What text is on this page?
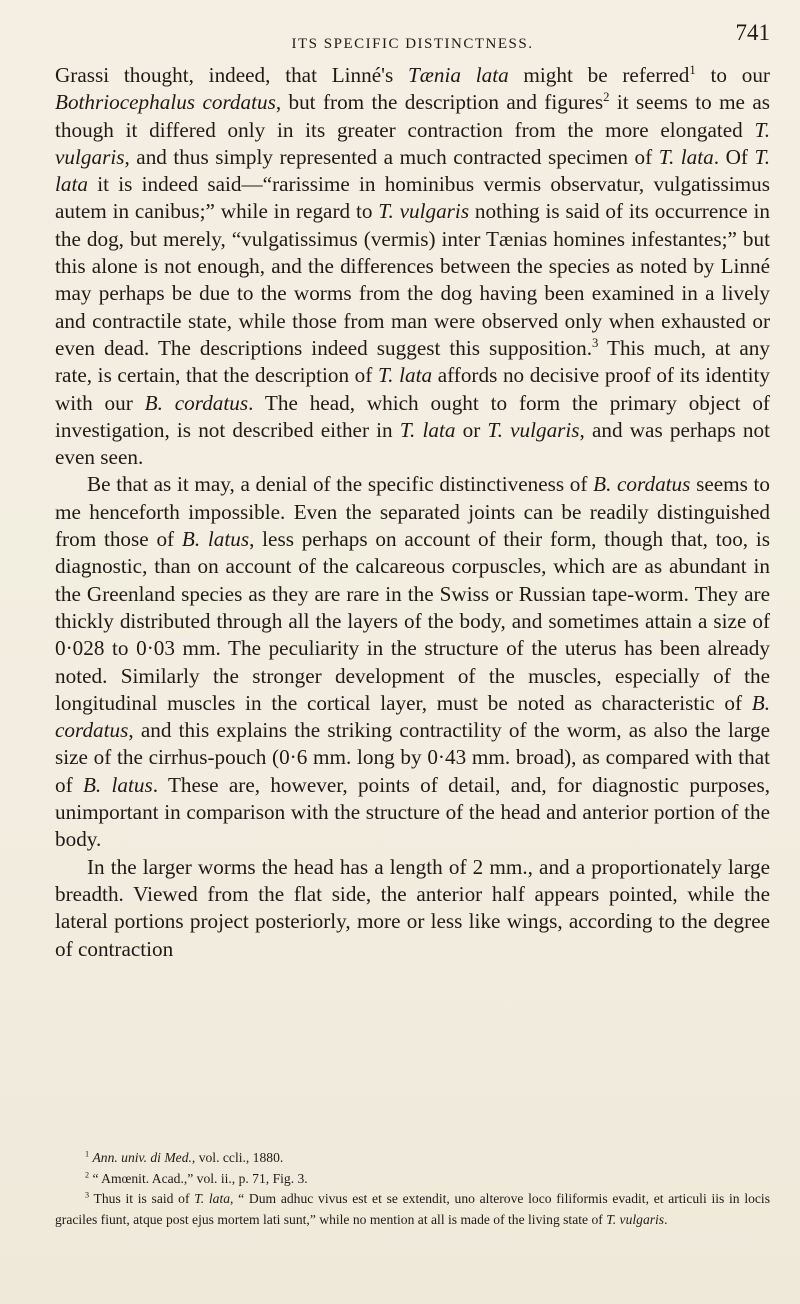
ITS SPECIFIC DISTINCTNESS.	741

Grassi thought, indeed, that Linné's Tænia lata might be referred$^1$ to our Bothriocephalus cordatus, but from the description and figures$^2$ it seems to me as though it differed only in its greater contraction from the more elongated T. vulgaris, and thus simply represented a much contracted specimen of T. lata. Of T. lata it is indeed said—“rarissime in hominibus vermis observatur, vulgatissimus autem in canibus;” while in regard to T. vulgaris nothing is said of its occurrence in the dog, but merely, “vulgatissimus (vermis) inter Tænias homines infestantes;” but this alone is not enough, and the differences between the species as noted by Linné may perhaps be due to the worms from the dog having been examined in a lively and contractile state, while those from man were observed only when exhausted or even dead. The descriptions indeed suggest this supposition.$^3$ This much, at any rate, is certain, that the description of T. lata affords no decisive proof of its identity with our B. cordatus. The head, which ought to form the primary object of investigation, is not described either in T. lata or T. vulgaris, and was perhaps not even seen.

Be that as it may, a denial of the specific distinctiveness of B. cordatus seems to me henceforth impossible. Even the separated joints can be readily distinguished from those of B. latus, less perhaps on account of their form, though that, too, is diagnostic, than on account of the calcareous corpuscles, which are as abundant in the Greenland species as they are rare in the Swiss or Russian tape-worm. They are thickly distributed through all the layers of the body, and sometimes attain a size of 0·028 to 0·03 mm. The peculiarity in the structure of the uterus has been already noted. Similarly the stronger development of the muscles, especially of the longitudinal muscles in the cortical layer, must be noted as characteristic of B. cordatus, and this explains the striking contractility of the worm, as also the large size of the cirrhus-pouch (0·6 mm. long by 0·43 mm. broad), as compared with that of B. latus. These are, however, points of detail, and, for diagnostic purposes, unimportant in comparison with the structure of the head and anterior portion of the body.

In the larger worms the head has a length of 2 mm., and a proportionately large breadth. Viewed from the flat side, the anterior half appears pointed, while the lateral portions project posteriorly, more or less like wings, according to the degree of contraction

$^1$ Ann. univ. di Med., vol. ccli., 1880.

$^2$ “ Amœnit. Acad.,” vol. ii., p. 71, Fig. 3.

$^3$ Thus it is said of T. lata, “ Dum adhuc vivus est et se extendit, uno alterove loco filiformis evadit, et articuli iis in locis graciles fiunt, atque post ejus mortem lati sunt,” while no mention at all is made of the living state of T. vulgaris.
